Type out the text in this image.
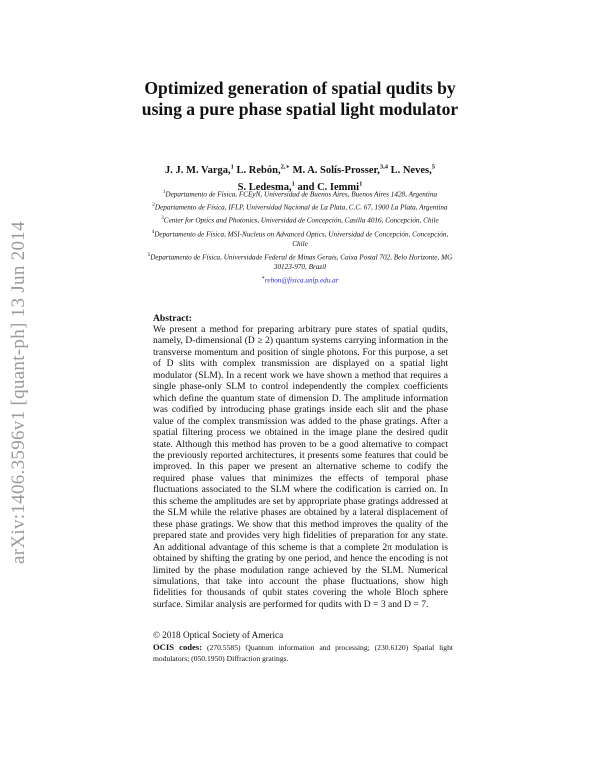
arXiv:1406.3596v1 [quant-ph] 13 Jun 2014
Optimized generation of spatial qudits by using a pure phase spatial light modulator
J. J. M. Varga,$^1$ L. Rebón,$^{2,∗}$ M. A. Solís-Prosser,$^{3,4}$ L. Neves,$^5$
S. Ledesma,$^1$ and C. Iemmi$^1$
$^1$Departamento de Física, FCEyN, Universidad de Buenos Aires, Buenos Aires 1428, Argentina
$^2$Departamento de Física, IFLP, Universidad Nacional de La Plata, C.C. 67, 1900 La Plata, Argentina
$^3$Center for Optics and Photonics, Universidad de Concepción, Casilla 4016, Concepción, Chile
$^4$Departamento de Física, MSI-Nucleus on Advanced Optics, Universidad de Concepción, Concepción, Chile
$^5$Departamento de Física, Universidade Federal de Minas Gerais, Caixa Postal 702, Belo Horizonte, MG 30123-970, Brazil
∗rebon@fisica.unlp.edu.ar
Abstract:
We present a method for preparing arbitrary pure states of spatial qudits, namely, D-dimensional (D ≥ 2) quantum systems carrying information in the transverse momentum and position of single photons. For this purpose, a set of D slits with complex transmission are displayed on a spatial light modulator (SLM). In a recent work we have shown a method that requires a single phase-only SLM to control independently the complex coefficients which define the quantum state of dimension D. The amplitude information was codified by introducing phase gratings inside each slit and the phase value of the complex transmission was added to the phase gratings. After a spatial filtering process we obtained in the image plane the desired qudit state. Although this method has proven to be a good alternative to compact the previously reported architectures, it presents some features that could be improved. In this paper we present an alternative scheme to codify the required phase values that minimizes the effects of temporal phase fluctuations associated to the SLM where the codification is carried on. In this scheme the amplitudes are set by appropriate phase gratings addressed at the SLM while the relative phases are obtained by a lateral displacement of these phase gratings. We show that this method improves the quality of the prepared state and provides very high fidelities of preparation for any state. An additional advantage of this scheme is that a complete 2π modulation is obtained by shifting the grating by one period, and hence the encoding is not limited by the phase modulation range achieved by the SLM. Numerical simulations, that take into account the phase fluctuations, show high fidelities for thousands of qubit states covering the whole Bloch sphere surface. Similar analysis are performed for qudits with D = 3 and D = 7.
© 2018 Optical Society of America
OCIS codes: (270.5585) Quantum information and processing; (230.6120) Spatial light modulators; (050.1950) Diffraction gratings.
